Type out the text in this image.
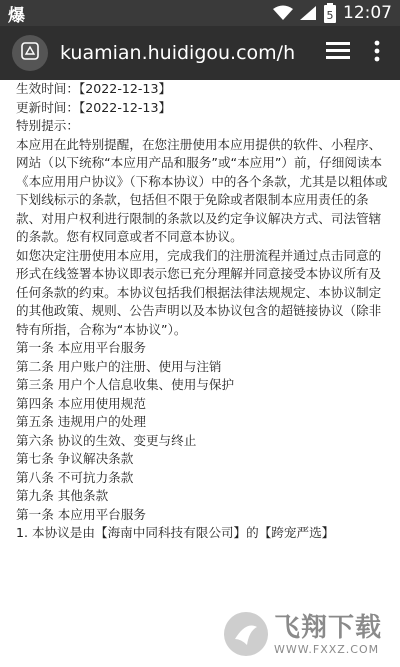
爆	5 12:07
kuamian.huidigou.com/h

生效时间：【2022-12-13】

更新时间：【2022-12-13】

特别提示：

本应用在此特别提醒，在您注册使用本应用提供的软件、小程序、网站（以下统称“本应用产品和服务”或“本应用”）前，仔细阅读本《本应用用户协议》（下称本协议）中的各个条款，尤其是以粗体或下划线标示的条款，包括但不限于免除或者限制本应用责任的条款、对用户权利进行限制的条款以及约定争议解决方式、司法管辖的条款。您有权同意或者不同意本协议。

如您决定注册使用本应用，完成我们的注册流程并通过点击同意的形式在线签署本协议即表示您已充分理解并同意接受本协议所有及任何条款的约束。本协议包括我们根据法律法规规定、本协议制定的其他政策、规则、公告声明以及本协议包含的超链接协议（除非特有所指，合称为“本协议”）。

第一条 本应用平台服务

第二条 用户账户的注册、使用与注销

第三条 用户个人信息收集、使用与保护

第四条 本应用使用规范

第五条 违规用户的处理

第六条 协议的生效、变更与终止

第七条 争议解决条款

第八条 不可抗力条款

第九条 其他条款

第一条 本应用平台服务

1. 本协议是由【海南中同科技有限公司】的【跨宠严选】

飞翔下载
WWW.FXXZ.COM
